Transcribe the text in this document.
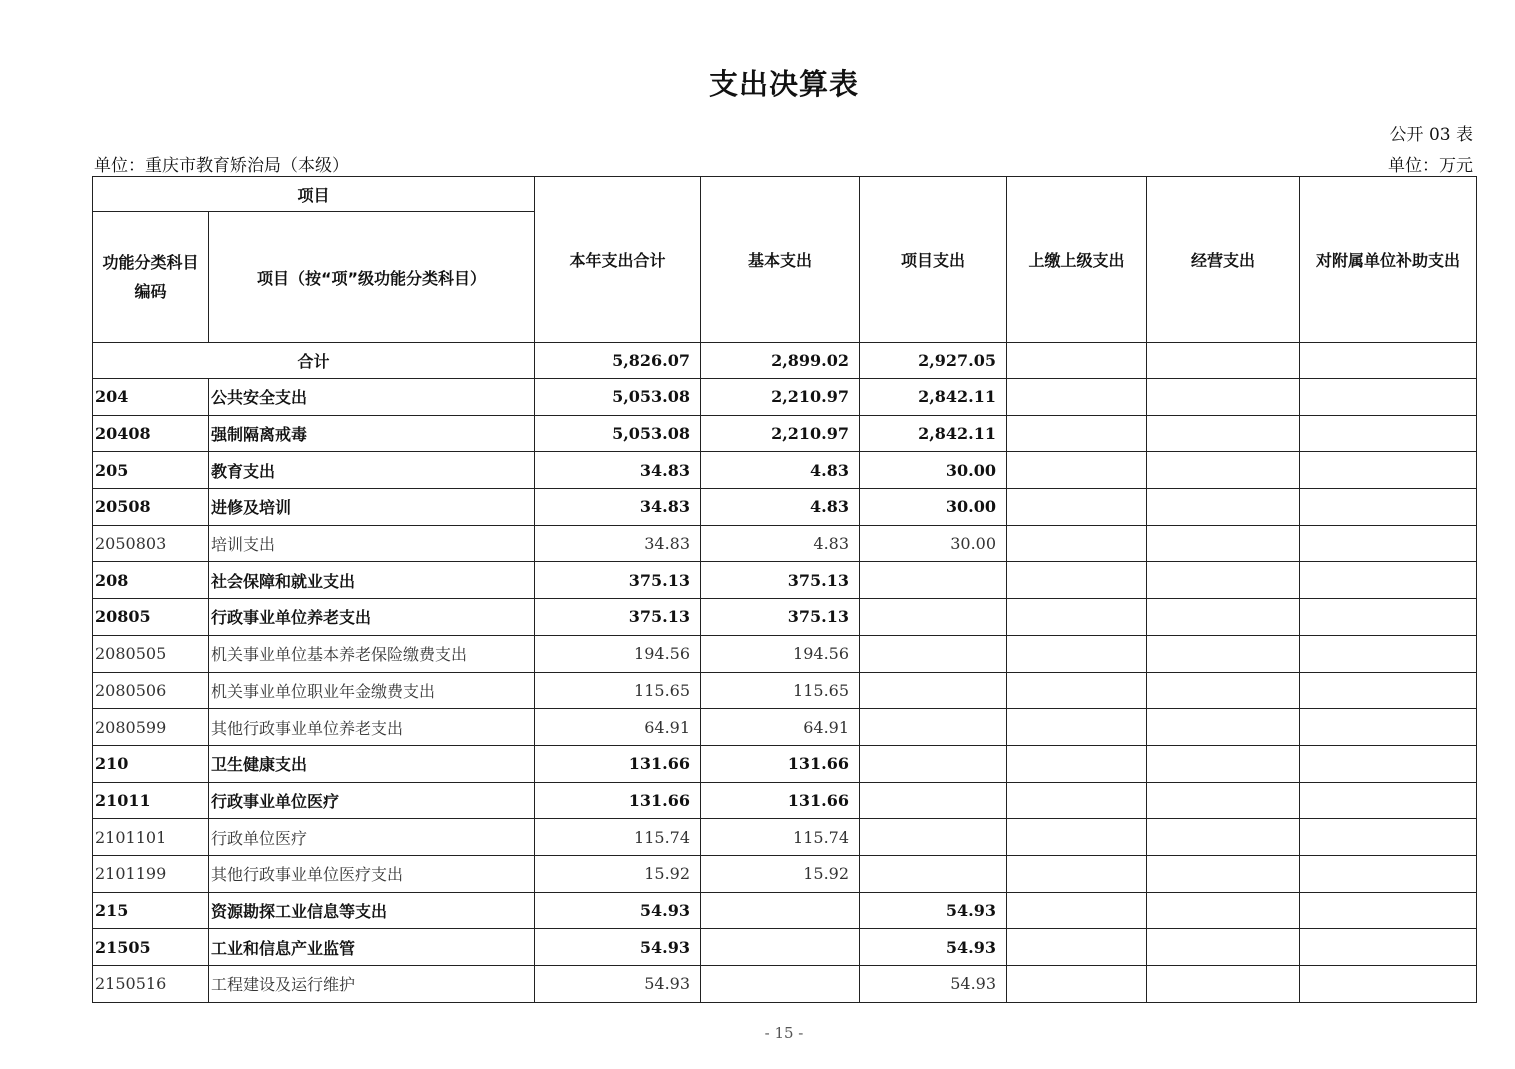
支出决算表
公开 03 表
单位：重庆市教育矫治局（本级）	单位：万元
项目		本年支出合计	基本支出	项目支出	上缴上级支出	经营支出	对附属单位补助支出
功能分类科目编码	项目（按“项”级功能分类科目）						
合计		5,826.07	2,899.02	2,927.05			
204	公共安全支出	5,053.08	2,210.97	2,842.11			
20408	强制隔离戒毒	5,053.08	2,210.97	2,842.11			
205	教育支出	34.83	4.83	30.00			
20508	进修及培训	34.83	4.83	30.00			
2050803	培训支出	34.83	4.83	30.00			
208	社会保障和就业支出	375.13	375.13				
20805	行政事业单位养老支出	375.13	375.13				
2080505	机关事业单位基本养老保险缴费支出	194.56	194.56				
2080506	机关事业单位职业年金缴费支出	115.65	115.65				
2080599	其他行政事业单位养老支出	64.91	64.91				
210	卫生健康支出	131.66	131.66				
21011	行政事业单位医疗	131.66	131.66				
2101101	行政单位医疗	115.74	115.74				
2101199	其他行政事业单位医疗支出	15.92	15.92				
215	资源勘探工业信息等支出	54.93		54.93			
21505	工业和信息产业监管	54.93		54.93			
2150516	工程建设及运行维护	54.93		54.93			
- 15 -
